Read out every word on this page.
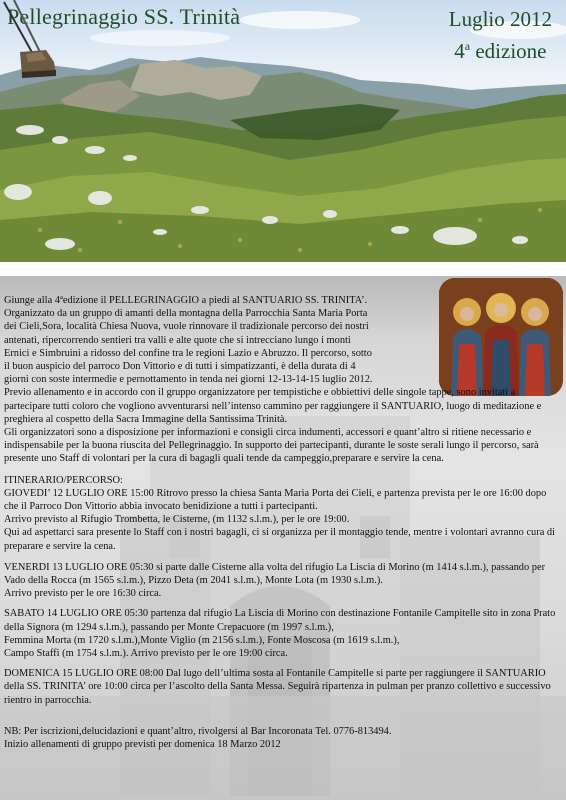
Pellegrinaggio SS. Trinità	Luglio 2012
4$^a$ edizione

Giunge alla 4ªedizione il PELLEGRINAGGIO a piedi al SANTUARIO SS. TRINITA’.

Organizzato da un gruppo di amanti della montagna della Parrocchia Santa Maria Porta

dei Cieli,Sora, località Chiesa Nuova, vuole rinnovare il tradizionale percorso dei nostri

antenati, ripercorrendo sentieri tra valli e alte quote che si intrecciano lungo i monti

Ernici e Simbruini a ridosso del confine tra le regioni Lazio e Abruzzo. Il percorso, sotto

il buon auspicio del parroco Don Vittorio e di tutti i simpatizzanti, è della durata di 4

giorni con soste intermedie e pernottamento in tenda nei giorni 12-13-14-15 luglio 2012.

Previo allenamento e in accordo con il gruppo organizzatore per tempistiche e obbiettivi delle singole tappe, sono invitati a partecipare tutti coloro che vogliono avventurarsi nell’intenso cammino per raggiungere il SANTUARIO, luogo di meditazione e preghiera al cospetto della Sacra Immagine della Santissima Trinità.

Gli organizzatori sono a disposizione per informazioni e consigli circa indumenti, accessori e quant’altro si ritiene necessario e indispensabile per la buona riuscita del Pellegrinaggio. In supporto dei partecipanti, durante le soste serali lungo il percorso, sarà presente uno Staff di volontari per la cura di bagagli quali tende da campeggio,preparare e servire la cena.

ITINERARIO/PERCORSO:

GIOVEDI’ 12 LUGLIO ORE 15:00 Ritrovo presso la chiesa Santa Maria Porta dei Cieli, e partenza prevista per le ore 16:00 dopo che il Parroco Don Vittorio abbia invocato benidizione a tutti i partecipanti.

Arrivo previsto al Rifugio Trombetta, le Cisterne, (m 1132 s.l.m.), per le ore 19:00.

Qui ad aspettarci sara presente lo Staff con i nostri bagagli, ci si organizza per il montaggio tende, mentre i volontari avranno cura di preparare e servire la cena.

VENERDI 13 LUGLIO ORE 05:30 si parte dalle Cisterne alla volta del rifugio La Liscia di Morino (m 1414 s.l.m.), passando per Vado della Rocca (m 1565 s.l.m.), Pizzo Deta (m 2041 s.l.m.), Monte Lota (m 1930 s.l.m.).

Arrivo previsto per le ore 16:30 circa.

SABATO 14 LUGLIO ORE 05:30 partenza dal rifugio La Liscia di Morino con destinazione Fontanile Campitelle sito in zona Prato della Signora (m 1294 s.l.m.), passando per Monte Crepacuore (m 1997 s.l.m.),

Femmina Morta (m 1720 s.l.m.),Monte Viglio (m 2156 s.l.m.), Fonte Moscosa (m 1619 s.l.m.),

Campo Staffi (m 1754 s.l.m.). Arrivo previsto per le ore 19:00 circa.

DOMENICA 15 LUGLIO ORE 08:00 Dal lugo dell’ultima sosta al Fontanile Campitelle si parte per raggiungere il SANTUARIO della SS. TRINITA’ ore 10:00 circa per l’ascolto della Santa Messa. Seguirà ripartenza in pulman per pranzo collettivo e successivo rientro in parrocchia.

NB: Per iscrizioni,delucidazioni e quant’altro, rivolgersi al Bar Incoronata Tel. 0776-813494.

Inizio allenamenti di gruppo previsti per domenica 18 Marzo 2012
